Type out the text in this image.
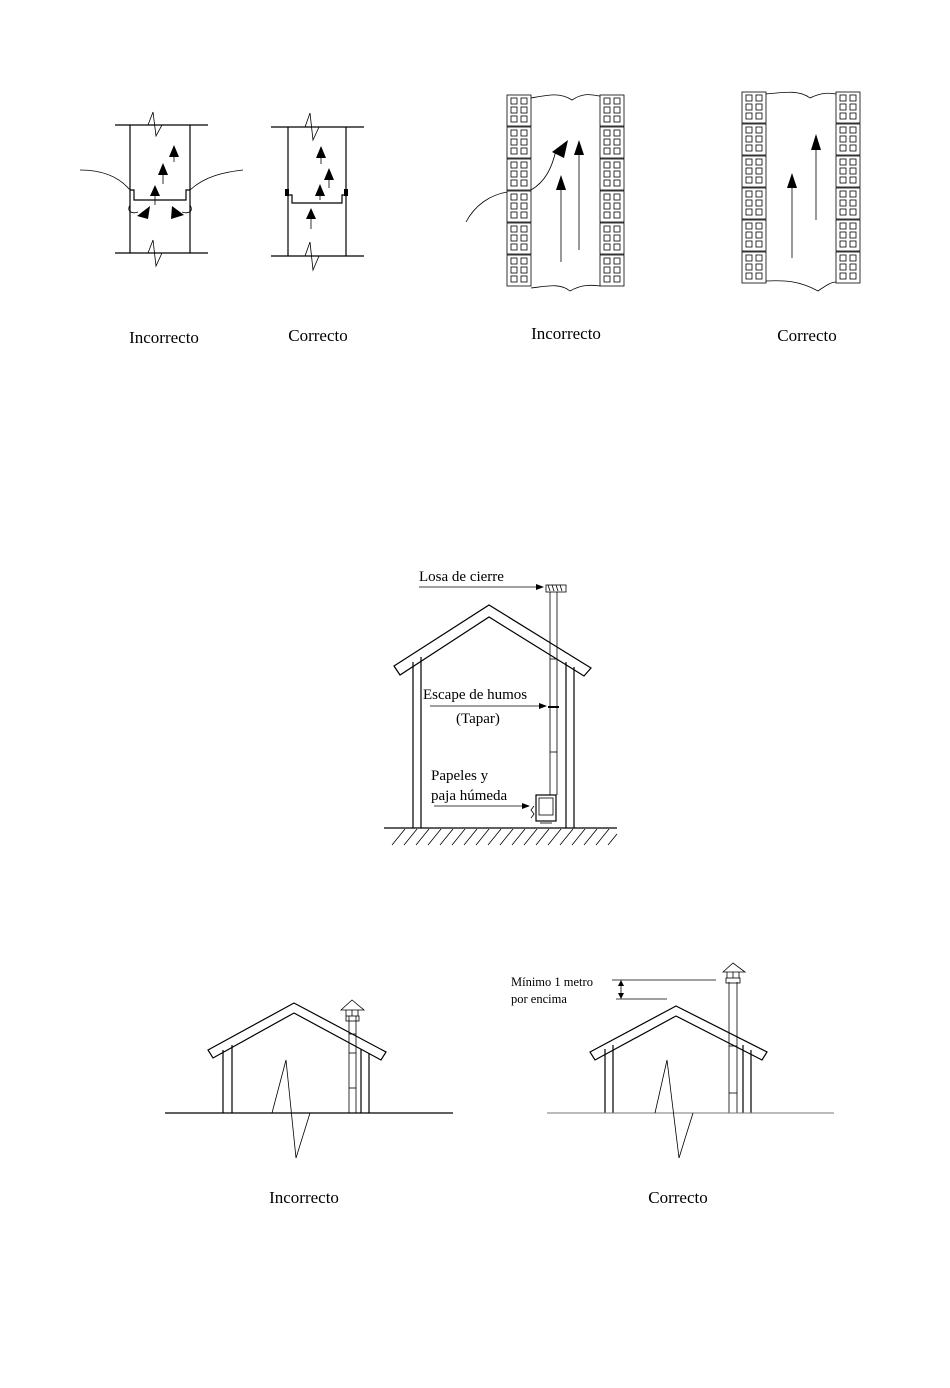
Incorrecto	Correcto	Incorrecto	Correcto
Losa de cierre
Escape de humos
(Tapar)
Papeles y
paja húmeda
Incorrecto
Mínimo 1 metro
por encima
Correcto
